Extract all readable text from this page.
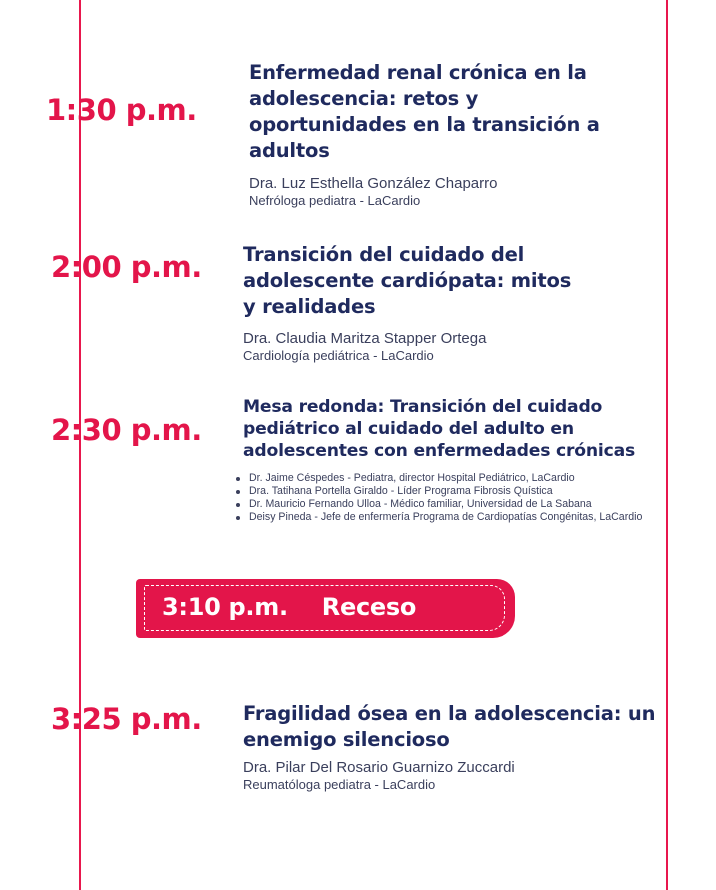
1:30 p.m.
Enfermedad renal crónica en la adolescencia: retos y oportunidades en la transición a adultos
Dra. Luz Esthella González Chaparro
Nefróloga pediatra - LaCardio
2:00 p.m. Transición del cuidado del adolescente cardiópata: mitos y realidades
Dra. Claudia Maritza Stapper Ortega
Cardiología pediátrica - LaCardio
2:30 p.m.
Mesa redonda: Transición del cuidado pediátrico al cuidado del adulto en adolescentes con enfermedades crónicas
Dr. Jaime Céspedes - Pediatra, director Hospital Pediátrico, LaCardio
Dra. Tatihana Portella Giraldo - Líder Programa Fibrosis Quística
Dr. Mauricio Fernando Ulloa - Médico familiar, Universidad de La Sabana
Deisy Pineda - Jefe de enfermería Programa de Cardiopatías Congénitas, LaCardio
3:10 p.m. Receso
3:25 p.m. Fragilidad ósea en la adolescencia: un enemigo silencioso
Dra. Pilar Del Rosario Guarnizo Zuccardi
Reumatóloga pediatra - LaCardio
